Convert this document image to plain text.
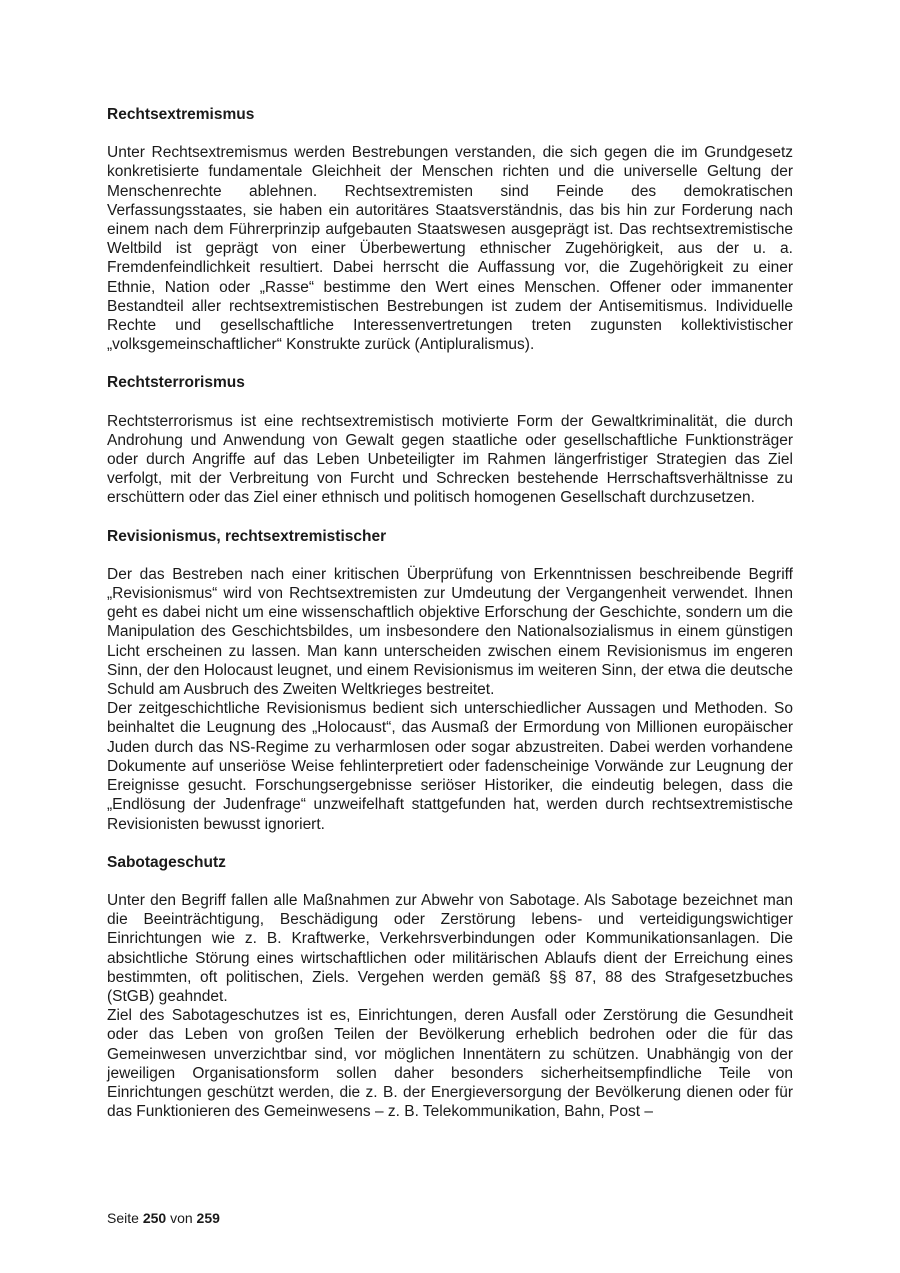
Rechtsextremismus

Unter Rechtsextremismus werden Bestrebungen verstanden, die sich gegen die im Grundgesetz konkretisierte fundamentale Gleichheit der Menschen richten und die universelle Geltung der Menschenrechte ablehnen. Rechtsextremisten sind Feinde des demokratischen Verfassungsstaates, sie haben ein autoritäres Staatsverständnis, das bis hin zur Forderung nach einem nach dem Führerprinzip aufgebauten Staatswesen ausgeprägt ist. Das rechtsextremistische Weltbild ist geprägt von einer Überbewertung ethnischer Zugehörigkeit, aus der u. a. Fremdenfeindlichkeit resultiert. Dabei herrscht die Auffassung vor, die Zugehörigkeit zu einer Ethnie, Nation oder „Rasse“ bestimme den Wert eines Menschen. Offener oder immanenter Bestandteil aller rechtsextremistischen Bestrebungen ist zudem der Antisemitismus. Individuelle Rechte und gesellschaftliche Interessenvertretungen treten zugunsten kollektivistischer „volksgemeinschaftlicher“ Konstrukte zurück (Antipluralismus).

Rechtsterrorismus

Rechtsterrorismus ist eine rechtsextremistisch motivierte Form der Gewaltkriminalität, die durch Androhung und Anwendung von Gewalt gegen staatliche oder gesellschaftliche Funktionsträger oder durch Angriffe auf das Leben Unbeteiligter im Rahmen längerfristiger Strategien das Ziel verfolgt, mit der Verbreitung von Furcht und Schrecken bestehende Herrschaftsverhältnisse zu erschüttern oder das Ziel einer ethnisch und politisch homogenen Gesellschaft durchzusetzen.

Revisionismus, rechtsextremistischer

Der das Bestreben nach einer kritischen Überprüfung von Erkenntnissen beschreibende Begriff „Revisionismus“ wird von Rechtsextremisten zur Umdeutung der Vergangenheit verwendet. Ihnen geht es dabei nicht um eine wissenschaftlich objektive Erforschung der Geschichte, sondern um die Manipulation des Geschichtsbildes, um insbesondere den Nationalsozialismus in einem günstigen Licht erscheinen zu lassen. Man kann unterscheiden zwischen einem Revisionismus im engeren Sinn, der den Holocaust leugnet, und einem Revisionismus im weiteren Sinn, der etwa die deutsche Schuld am Ausbruch des Zweiten Weltkrieges bestreitet.

Der zeitgeschichtliche Revisionismus bedient sich unterschiedlicher Aussagen und Methoden. So beinhaltet die Leugnung des „Holocaust“, das Ausmaß der Ermordung von Millionen europäischer Juden durch das NS-Regime zu verharmlosen oder sogar abzustreiten. Dabei werden vorhandene Dokumente auf unseriöse Weise fehlinterpretiert oder fadenscheinige Vorwände zur Leugnung der Ereignisse gesucht. Forschungsergebnisse seriöser Historiker, die eindeutig belegen, dass die „Endlösung der Judenfrage“ unzweifelhaft stattgefunden hat, werden durch rechtsextremistische Revisionisten bewusst ignoriert.

Sabotageschutz

Unter den Begriff fallen alle Maßnahmen zur Abwehr von Sabotage. Als Sabotage bezeichnet man die Beeinträchtigung, Beschädigung oder Zerstörung lebens- und verteidigungswichtiger Einrichtungen wie z. B. Kraftwerke, Verkehrsverbindungen oder Kommunikationsanlagen. Die absichtliche Störung eines wirtschaftlichen oder militärischen Ablaufs dient der Erreichung eines bestimmten, oft politischen, Ziels. Vergehen werden gemäß §§ 87, 88 des Strafgesetzbuches (StGB) geahndet.

Ziel des Sabotageschutzes ist es, Einrichtungen, deren Ausfall oder Zerstörung die Gesundheit oder das Leben von großen Teilen der Bevölkerung erheblich bedrohen oder die für das Gemeinwesen unverzichtbar sind, vor möglichen Innentätern zu schützen. Unabhängig von der jeweiligen Organisationsform sollen daher besonders sicherheitsempfindliche Teile von Einrichtungen geschützt werden, die z. B. der Energieversorgung der Bevölkerung dienen oder für das Funktionieren des Gemeinwesens – z. B. Telekommunikation, Bahn, Post –

Seite 250 von 259
